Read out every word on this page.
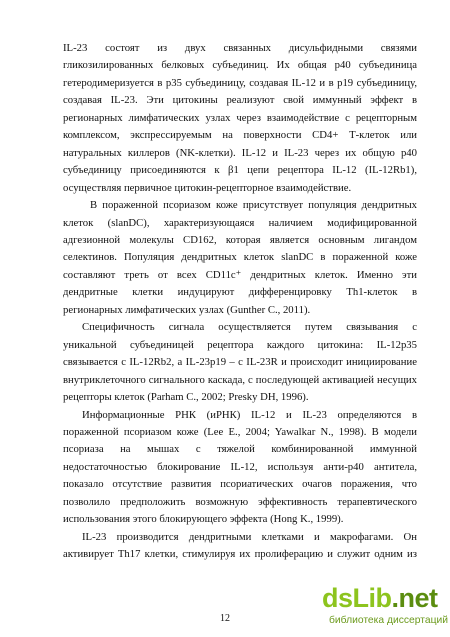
IL-23 состоят из двух связанных дисульфидными связями

гликозилированных белковых субъединиц. Их общая р40 субъединица

гетеродимеризуется в р35 субъединицу, создавая IL-12 и в р19 субъединицу,

создавая IL-23. Эти цитокины реализуют свой иммунный эффект в

регионарных лимфатических узлах через взаимодействие с рецепторным

комплексом, экспрессируемым на поверхности CD4+ Т-клеток или

натуральных киллеров (NK-клетки). IL-12 и IL-23 через их общую р40

субъединицу присоединяются к β1 цепи рецептора IL-12 (IL-12Rb1),

осуществляя первичное цитокин-рецепторное взаимодействие.

В пораженной псориазом коже присутствует популяция дендритных

клеток (slanDC), характеризующаяся наличием модифицированной

адгезионной молекулы CD162, которая является основным лигандом

селектинов. Популяция дендритных клеток slanDC в пораженной коже

составляют треть от всех CD11c⁺ дендритных клеток. Именно эти

дендритные клетки индуцируют дифференцировку Th1-клеток в

регионарных лимфатических узлах (Gunther C., 2011).

Специфичность сигнала осуществляется путем связывания с

уникальной субъединицей рецептора каждого цитокина: IL-12р35

связывается с IL-12Rb2, а IL-23p19 – с IL-23R и происходит инициирование

внутриклеточного сигнального каскада, с последующей активацией несущих

рецепторы клеток (Parham C., 2002; Presky DH, 1996).

Информационные РНК (иРНК) IL-12 и IL-23 определяются в

пораженной псориазом коже (Lee E., 2004; Yawalkar N., 1998). В модели

псориаза на мышах с тяжелой комбинированной иммунной

недостаточностью блокирование IL-12, используя анти-р40 антитела,

показало отсутствие развития псориатических очагов поражения, что

позволило предположить возможную эффективность терапевтического

использования этого блокирующего эффекта (Hong K., 1999).

IL-23 производится дендритными клетками и макрофагами. Он

активирует Th17 клетки, стимулируя их пролиферацию и служит одним из

12
dsLib.net
библиотека диссертаций
